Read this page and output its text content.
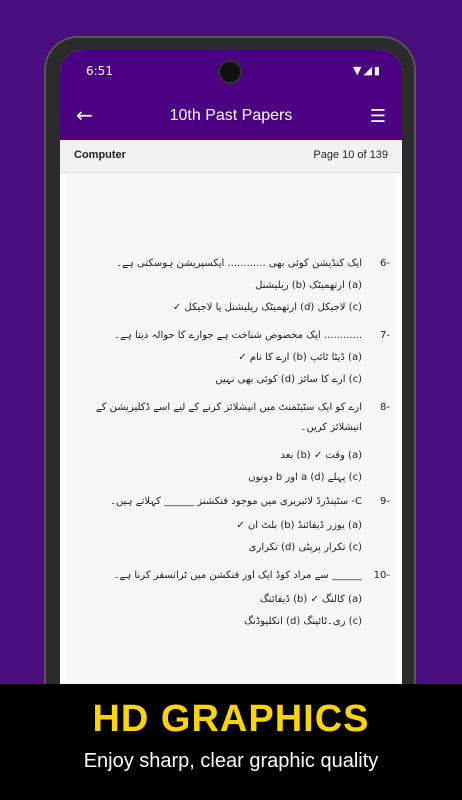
6:51	▼◢▮
←	10th Past Papers	☰
Computer	Page 10 of 139
ایک کنڈیشن کوئی بھی ............ ایکسپریشن ہوسکتی ہے۔ 6-
(a) ارتھمیٹک (b) ریلیشنل
(c) لاجیکل (d) ارتھمیٹک ریلیشنل یا لاجیکل ✓
............ ایک مخصوص شناخت ہے جوارے کا حوالہ دیتا ہے۔ 7-
(a) ڈیٹا ٹائپ (b) ارے کا نام ✓
(c) ارے کا سائز (d) کوئی بھی نہیں
ارے کو ایک سٹیٹمنٹ میں انیشلائز کرنے کے لیے اسے ڈکلیریشن کے 8-
انیشلائز کریں۔
(a) وقت ✓ (b) بعد
(c) پہلے (d) a اور b دونوں
C- سٹینڈرڈ لائبریری میں موجود فنکشنز ______ کہلاتے ہیں۔ 9-
(a) یوزر ڈیفائنڈ (b) بلٹ ان ✓
(c) تکرار پرپٹی (d) تکراری
______ سے مراد کوڈ ایک اور فنکشن میں ٹرانسفر کرنا ہے۔ 10-
(a) کالنگ ✓ (b) ڈیفائنگ
(c) ری۔ٹائپنگ (d) انکلیوڈنگ
HD GRAPHICS
Enjoy sharp, clear graphic quality
